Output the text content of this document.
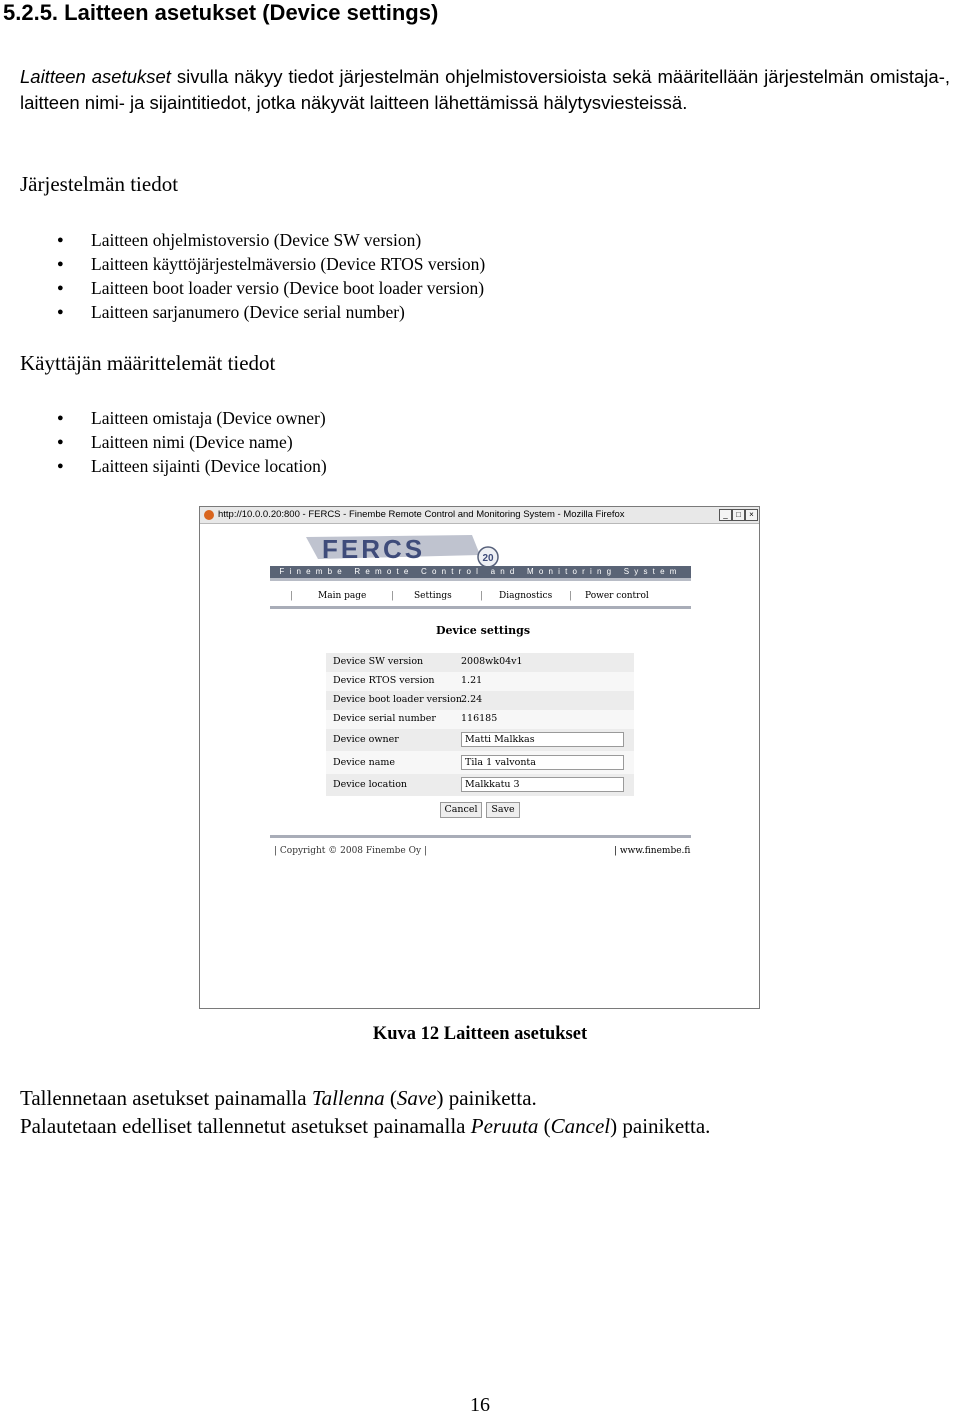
5.2.5. Laitteen asetukset (Device settings)
Laitteen asetukset sivulla näkyy tiedot järjestelmän ohjelmistoversioista sekä määritellään järjestelmän omistaja-, laitteen nimi- ja sijaintitiedot, jotka näkyvät laitteen lähettämissä hälytysviesteissä.
Järjestelmän tiedot
● Laitteen ohjelmistoversio (Device SW version)
● Laitteen käyttöjärjestelmäversio (Device RTOS version)
● Laitteen boot loader versio (Device boot loader version)
● Laitteen sarjanumero (Device serial number)
Käyttäjän määrittelemät tiedot
● Laitteen omistaja (Device owner)
● Laitteen nimi (Device name)
● Laitteen sijainti (Device location)
http://10.0.0.20:800 - FERCS - Finembe Remote Control and Monitoring System - Mozilla Firefox	_	□	×
FERCS	20
Finembe Remote Control and Monitoring System
|	Main page	| Settings	| Diagnostics | Power control
Device settings
Device SW version	2008wk04v1
Device RTOS version	1.21
Device boot loader version 2.24
Device serial number	116185
Device owner	Matti Malkkas
Device name	Tila 1 valvonta
Device location	Malkkatu 3
Cancel	Save
| Copyright © 2008 Finembe Oy |	| www.finembe.fi
Kuva 12 Laitteen asetukset
Tallennetaan asetukset painamalla Tallenna (Save) painiketta.
Palautetaan edelliset tallennetut asetukset painamalla Peruuta (Cancel) painiketta.
16
